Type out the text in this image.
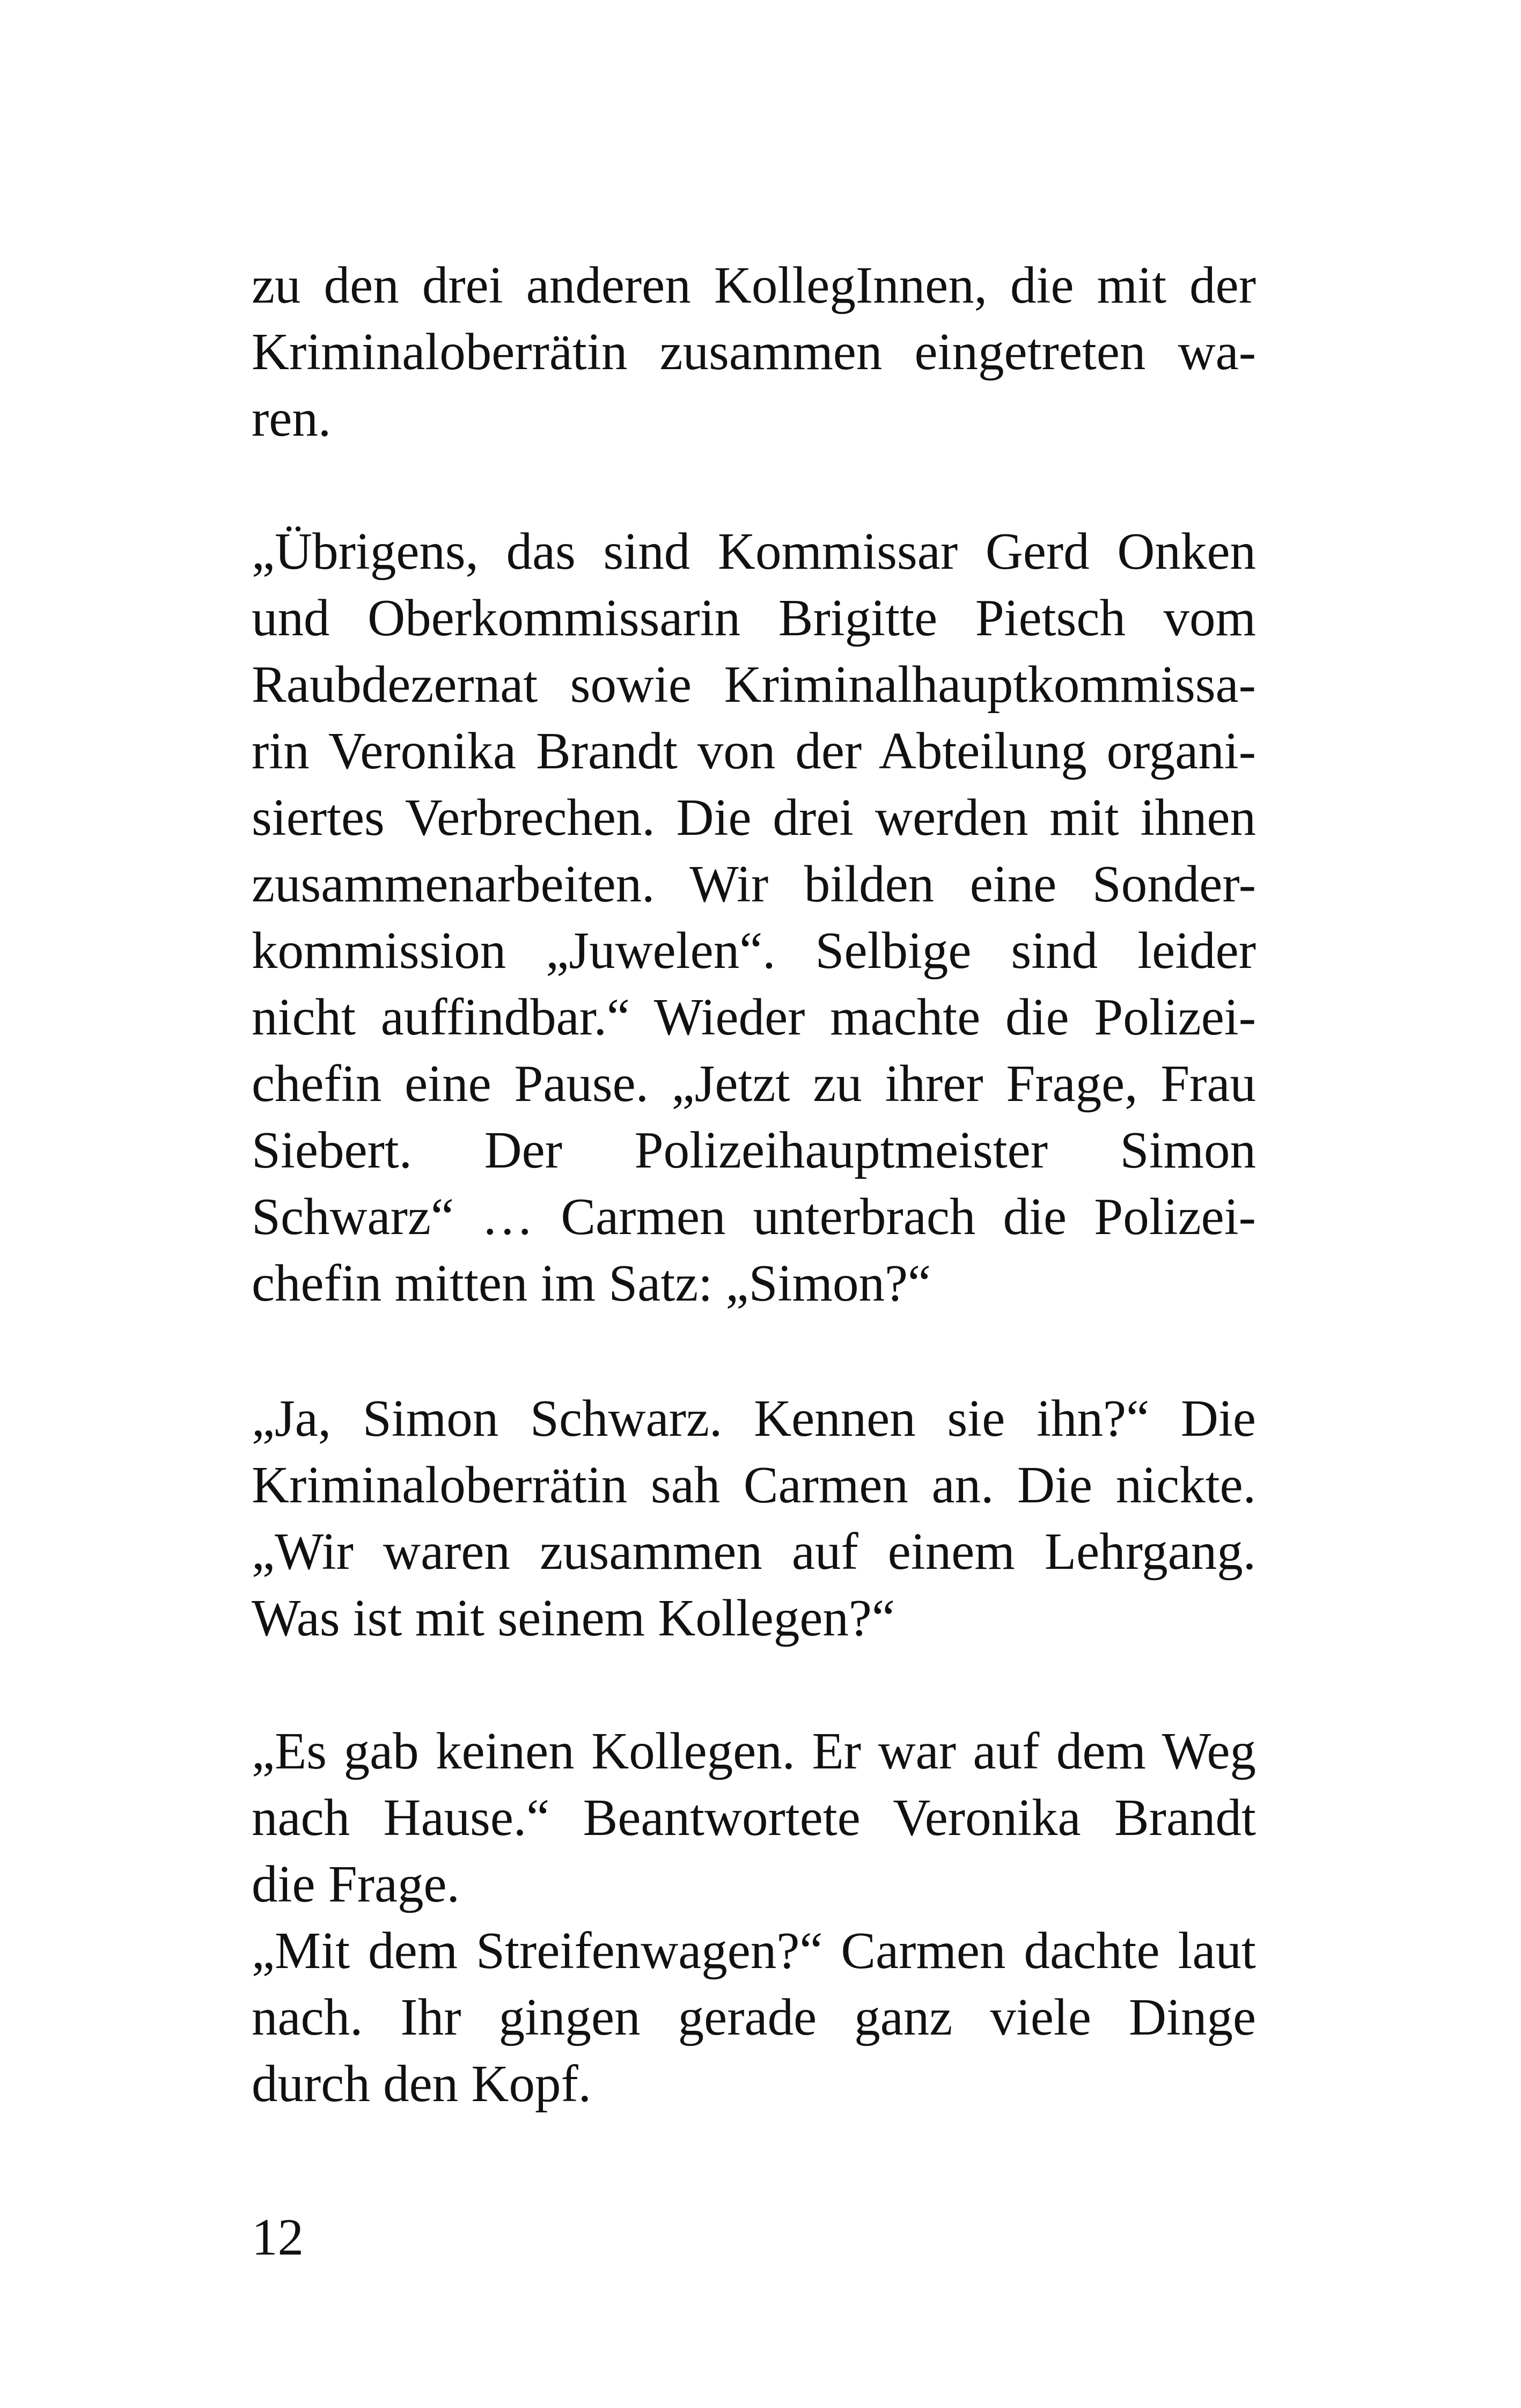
zu den drei anderen KollegInnen, die mit der
Kriminaloberrätin zusammen eingetreten wa-
ren.
„Übrigens, das sind Kommissar Gerd Onken
und Oberkommissarin Brigitte Pietsch vom
Raubdezernat sowie Kriminalhauptkommissa-
rin Veronika Brandt von der Abteilung organi-
siertes Verbrechen. Die drei werden mit ihnen
zusammenarbeiten. Wir bilden eine Sonder-
kommission „Juwelen“. Selbige sind leider
nicht auffindbar.“ Wieder machte die Polizei-
chefin eine Pause. „Jetzt zu ihrer Frage, Frau
Siebert. Der Polizeihauptmeister Simon
Schwarz“ … Carmen unterbrach die Polizei-
chefin mitten im Satz: „Simon?“
„Ja, Simon Schwarz. Kennen sie ihn?“ Die
Kriminaloberrätin sah Carmen an. Die nickte.
„Wir waren zusammen auf einem Lehrgang.
Was ist mit seinem Kollegen?“
„Es gab keinen Kollegen. Er war auf dem Weg
nach Hause.“ Beantwortete Veronika Brandt
die Frage.
„Mit dem Streifenwagen?“ Carmen dachte laut
nach. Ihr gingen gerade ganz viele Dinge
durch den Kopf.
12
